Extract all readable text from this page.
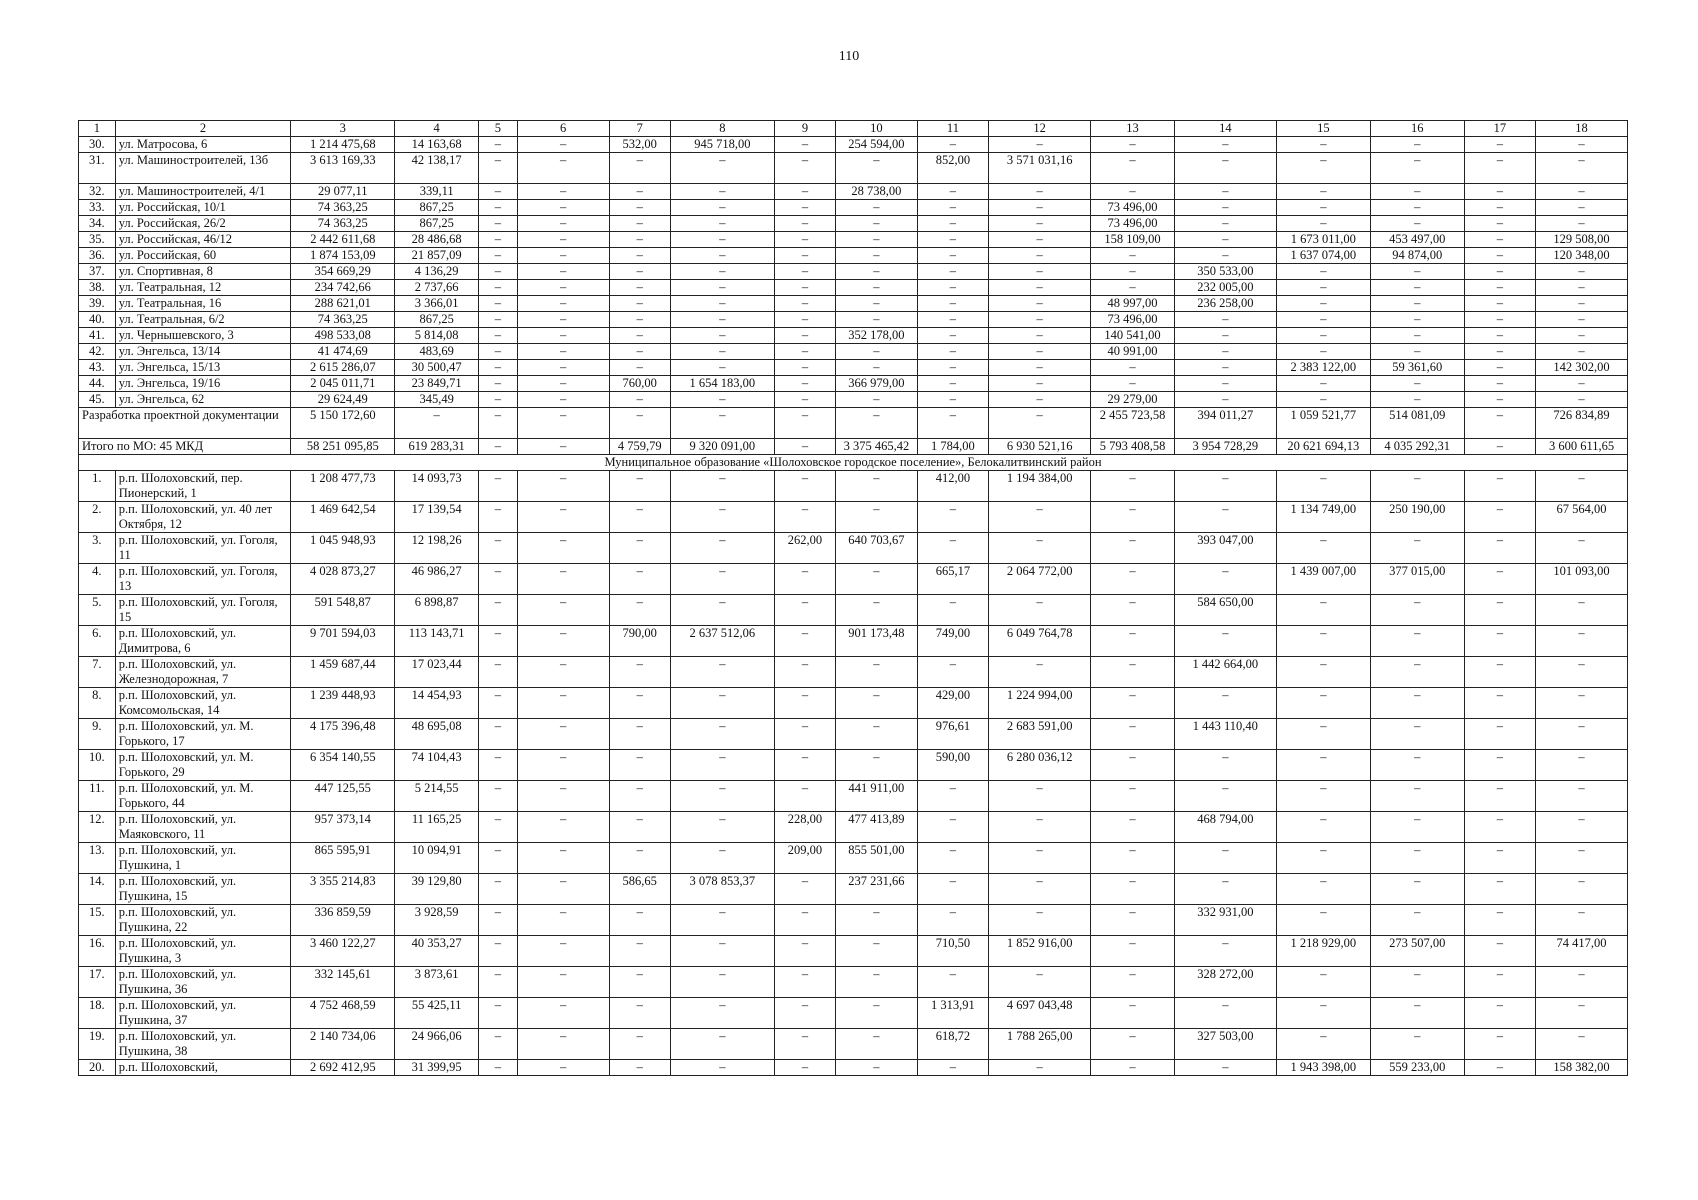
110
1	2	3	4	5	6	7	8	9	10	11	12	13	14	15	16	17	18
30.	ул. Матросова, 6	1 214 475,68	14 163,68	–	–	532,00	945 718,00	–	254 594,00	–	–	–	–	–	–	–	–
31.	ул. Машиностроителей, 13б	3 613 169,33	42 138,17	–	–	–	–	–	–	852,00	3 571 031,16	–	–	–	–	–	–
32.	ул. Машиностроителей, 4/1	29 077,11	339,11	–	–	–	–	–	28 738,00	–	–	–	–	–	–	–	–
33.	ул. Российская, 10/1	74 363,25	867,25	–	–	–	–	–	–	–	–	73 496,00	–	–	–	–	–
34.	ул. Российская, 26/2	74 363,25	867,25	–	–	–	–	–	–	–	–	73 496,00	–	–	–	–	–
35.	ул. Российская, 46/12	2 442 611,68	28 486,68	–	–	–	–	–	–	–	–	158 109,00	–	1 673 011,00	453 497,00	–	129 508,00
36.	ул. Российская, 60	1 874 153,09	21 857,09	–	–	–	–	–	–	–	–	–	–	1 637 074,00	94 874,00	–	120 348,00
37.	ул. Спортивная, 8	354 669,29	4 136,29	–	–	–	–	–	–	–	–	–	350 533,00	–	–	–	–
38.	ул. Театральная, 12	234 742,66	2 737,66	–	–	–	–	–	–	–	–	–	232 005,00	–	–	–	–
39.	ул. Театральная, 16	288 621,01	3 366,01	–	–	–	–	–	–	–	–	48 997,00	236 258,00	–	–	–	–
40.	ул. Театральная, 6/2	74 363,25	867,25	–	–	–	–	–	–	–	–	73 496,00	–	–	–	–	–
41.	ул. Чернышевского, 3	498 533,08	5 814,08	–	–	–	–	–	352 178,00	–	–	140 541,00	–	–	–	–	–
42.	ул. Энгельса, 13/14	41 474,69	483,69	–	–	–	–	–	–	–	–	40 991,00	–	–	–	–	–
43.	ул. Энгельса, 15/13	2 615 286,07	30 500,47	–	–	–	–	–	–	–	–	–	–	2 383 122,00	59 361,60	–	142 302,00
44.	ул. Энгельса, 19/16	2 045 011,71	23 849,71	–	–	760,00	1 654 183,00	–	366 979,00	–	–	–	–	–	–	–	–
45.	ул. Энгельса, 62	29 624,49	345,49	–	–	–	–	–	–	–	–	29 279,00	–	–	–	–	–
Разработка проектной документации		5 150 172,60	–	–	–	–	–	–	–	–	–	2 455 723,58	394 011,27	1 059 521,77	514 081,09	–	726 834,89
Итого по МО: 45 МКД		58 251 095,85	619 283,31	–	–	4 759,79	9 320 091,00	–	3 375 465,42	1 784,00	6 930 521,16	5 793 408,58	3 954 728,29	20 621 694,13	4 035 292,31	–	3 600 611,65
Муниципальное образование «Шолоховское городское поселение», Белокалитвинский район																	
1.	р.п. Шолоховский, пер. Пионерский, 1	1 208 477,73	14 093,73	–	–	–	–	–	–	412,00	1 194 384,00	–	–	–	–	–	–
2.	р.п. Шолоховский, ул. 40 лет Октября, 12	1 469 642,54	17 139,54	–	–	–	–	–	–	–	–	–	–	1 134 749,00	250 190,00	–	67 564,00
3.	р.п. Шолоховский, ул. Гоголя, 11	1 045 948,93	12 198,26	–	–	–	–	262,00	640 703,67	–	–	–	393 047,00	–	–	–	–
4.	р.п. Шолоховский, ул. Гоголя, 13	4 028 873,27	46 986,27	–	–	–	–	–	–	665,17	2 064 772,00	–	–	1 439 007,00	377 015,00	–	101 093,00
5.	р.п. Шолоховский, ул. Гоголя, 15	591 548,87	6 898,87	–	–	–	–	–	–	–	–	–	584 650,00	–	–	–	–
6.	р.п. Шолоховский, ул. Димитрова, 6	9 701 594,03	113 143,71	–	–	790,00	2 637 512,06	–	901 173,48	749,00	6 049 764,78	–	–	–	–	–	–
7.	р.п. Шолоховский, ул. Железнодорожная, 7	1 459 687,44	17 023,44	–	–	–	–	–	–	–	–	–	1 442 664,00	–	–	–	–
8.	р.п. Шолоховский, ул. Комсомольская, 14	1 239 448,93	14 454,93	–	–	–	–	–	–	429,00	1 224 994,00	–	–	–	–	–	–
9.	р.п. Шолоховский, ул. М. Горького, 17	4 175 396,48	48 695,08	–	–	–	–	–	–	976,61	2 683 591,00	–	1 443 110,40	–	–	–	–
10.	р.п. Шолоховский, ул. М. Горького, 29	6 354 140,55	74 104,43	–	–	–	–	–	–	590,00	6 280 036,12	–	–	–	–	–	–
11.	р.п. Шолоховский, ул. М. Горького, 44	447 125,55	5 214,55	–	–	–	–	–	441 911,00	–	–	–	–	–	–	–	–
12.	р.п. Шолоховский, ул. Маяковского, 11	957 373,14	11 165,25	–	–	–	–	228,00	477 413,89	–	–	–	468 794,00	–	–	–	–
13.	р.п. Шолоховский, ул. Пушкина, 1	865 595,91	10 094,91	–	–	–	–	209,00	855 501,00	–	–	–	–	–	–	–	–
14.	р.п. Шолоховский, ул. Пушкина, 15	3 355 214,83	39 129,80	–	–	586,65	3 078 853,37	–	237 231,66	–	–	–	–	–	–	–	–
15.	р.п. Шолоховский, ул. Пушкина, 22	336 859,59	3 928,59	–	–	–	–	–	–	–	–	–	332 931,00	–	–	–	–
16.	р.п. Шолоховский, ул. Пушкина, 3	3 460 122,27	40 353,27	–	–	–	–	–	–	710,50	1 852 916,00	–	–	1 218 929,00	273 507,00	–	74 417,00
17.	р.п. Шолоховский, ул. Пушкина, 36	332 145,61	3 873,61	–	–	–	–	–	–	–	–	–	328 272,00	–	–	–	–
18.	р.п. Шолоховский, ул. Пушкина, 37	4 752 468,59	55 425,11	–	–	–	–	–	–	1 313,91	4 697 043,48	–	–	–	–	–	–
19.	р.п. Шолоховский, ул. Пушкина, 38	2 140 734,06	24 966,06	–	–	–	–	–	–	618,72	1 788 265,00	–	327 503,00	–	–	–	–
20.	р.п. Шолоховский,	2 692 412,95	31 399,95	–	–	–	–	–	–	–	–	–	–	1 943 398,00	559 233,00	–	158 382,00
